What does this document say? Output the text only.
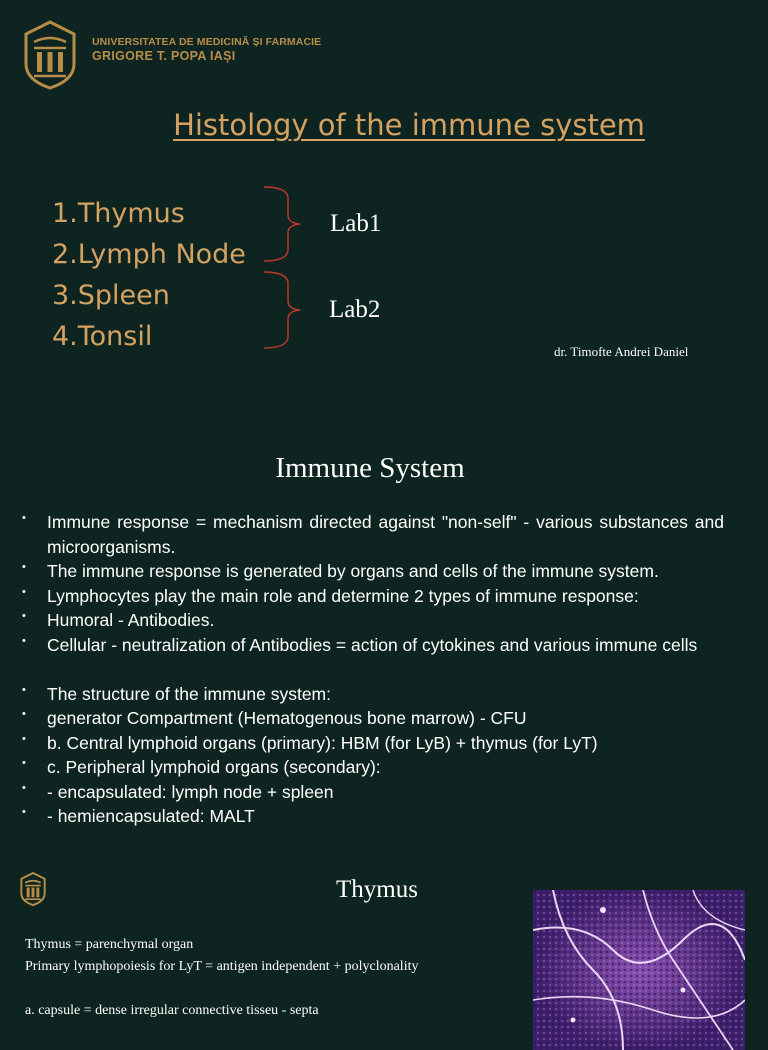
UNIVERSITATEA DE MEDICINĂ ȘI FARMACIE
GRIGORE T. POPA IAȘI
Histology of the immune system
1.Thymus
2.Lymph Node
3.Spleen
4.Tonsil
Lab1
Lab2
dr. Timofte Andrei Daniel
Immune System
• Immune response = mechanism directed against "non-self" - various substances and microorganisms.
• The immune response is generated by organs and cells of the immune system.
• Lymphocytes play the main role and determine 2 types of immune response:
• Humoral - Antibodies.
• Cellular - neutralization of Antibodies = action of cytokines and various immune cells
• The structure of the immune system:
• generator Compartment (Hematogenous bone marrow) - CFU
• b. Central lymphoid organs (primary): HBM (for LyB) + thymus (for LyT)
• c. Peripheral lymphoid organs (secondary):
• - encapsulated: lymph node + spleen
• - hemiencapsulated: MALT
Thymus
Thymus = parenchymal organ
Primary lymphopoiesis for LyT = antigen independent + polyclonality
a. capsule = dense irregular connective tisseu - septa
